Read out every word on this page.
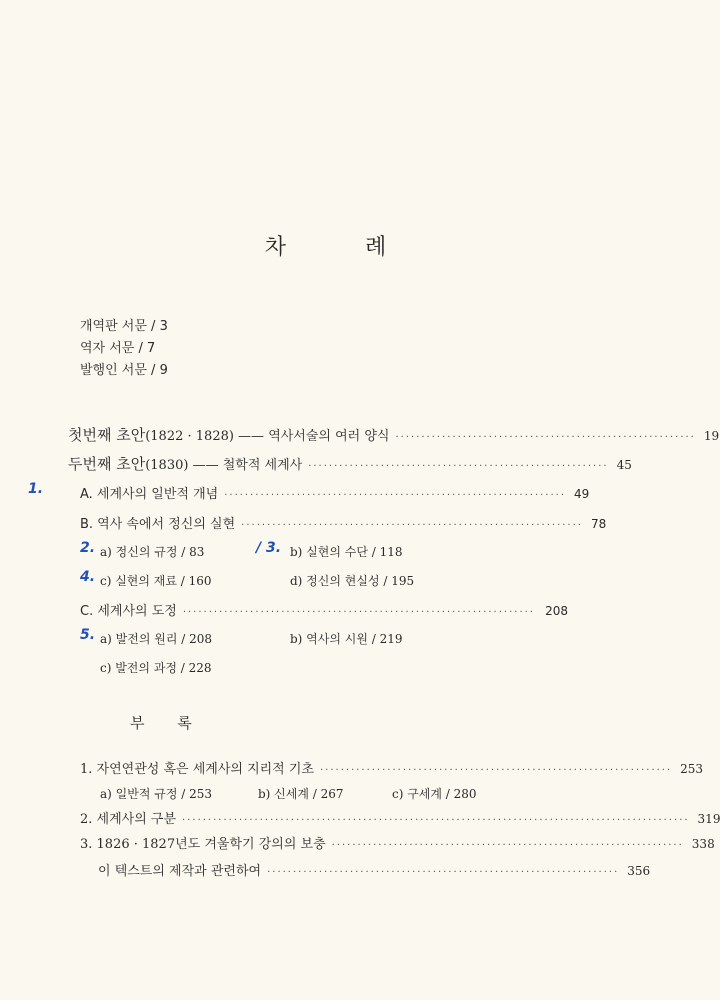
차 례
개역판 서문 / 3
역자 서문 / 7
발행인 서문 / 9
첫번째 초안(1822 · 1828) —— 역사서술의 여러 양식 ·························································· 19
두번째 초안(1830) —— 철학적 세계사 ·························································· 45
1.	A. 세계사의 일반적 개념 ·································································· 49
B. 역사 속에서 정신의 실현 ·································································· 78
2. a) 정신의 규정 / 83	/ 3. b) 실현의 수단 / 118
4. c) 실현의 재료 / 160	d) 정신의 현실성 / 195
C. 세계사의 도정 ···································································· 208
5. a) 발전의 원리 / 208	b) 역사의 시원 / 219
c) 발전의 과정 / 228
부 록
1. 자연연관성 혹은 세계사의 지리적 기초 ···································································· 253
a) 일반적 규정 / 253	b) 신세계 / 267	c) 구세계 / 280
2. 세계사의 구분 ·································································································· 319
3. 1826 · 1827년도 겨울학기 강의의 보충 ···································································· 338
이 텍스트의 제작과 관련하여 ···································································· 356
